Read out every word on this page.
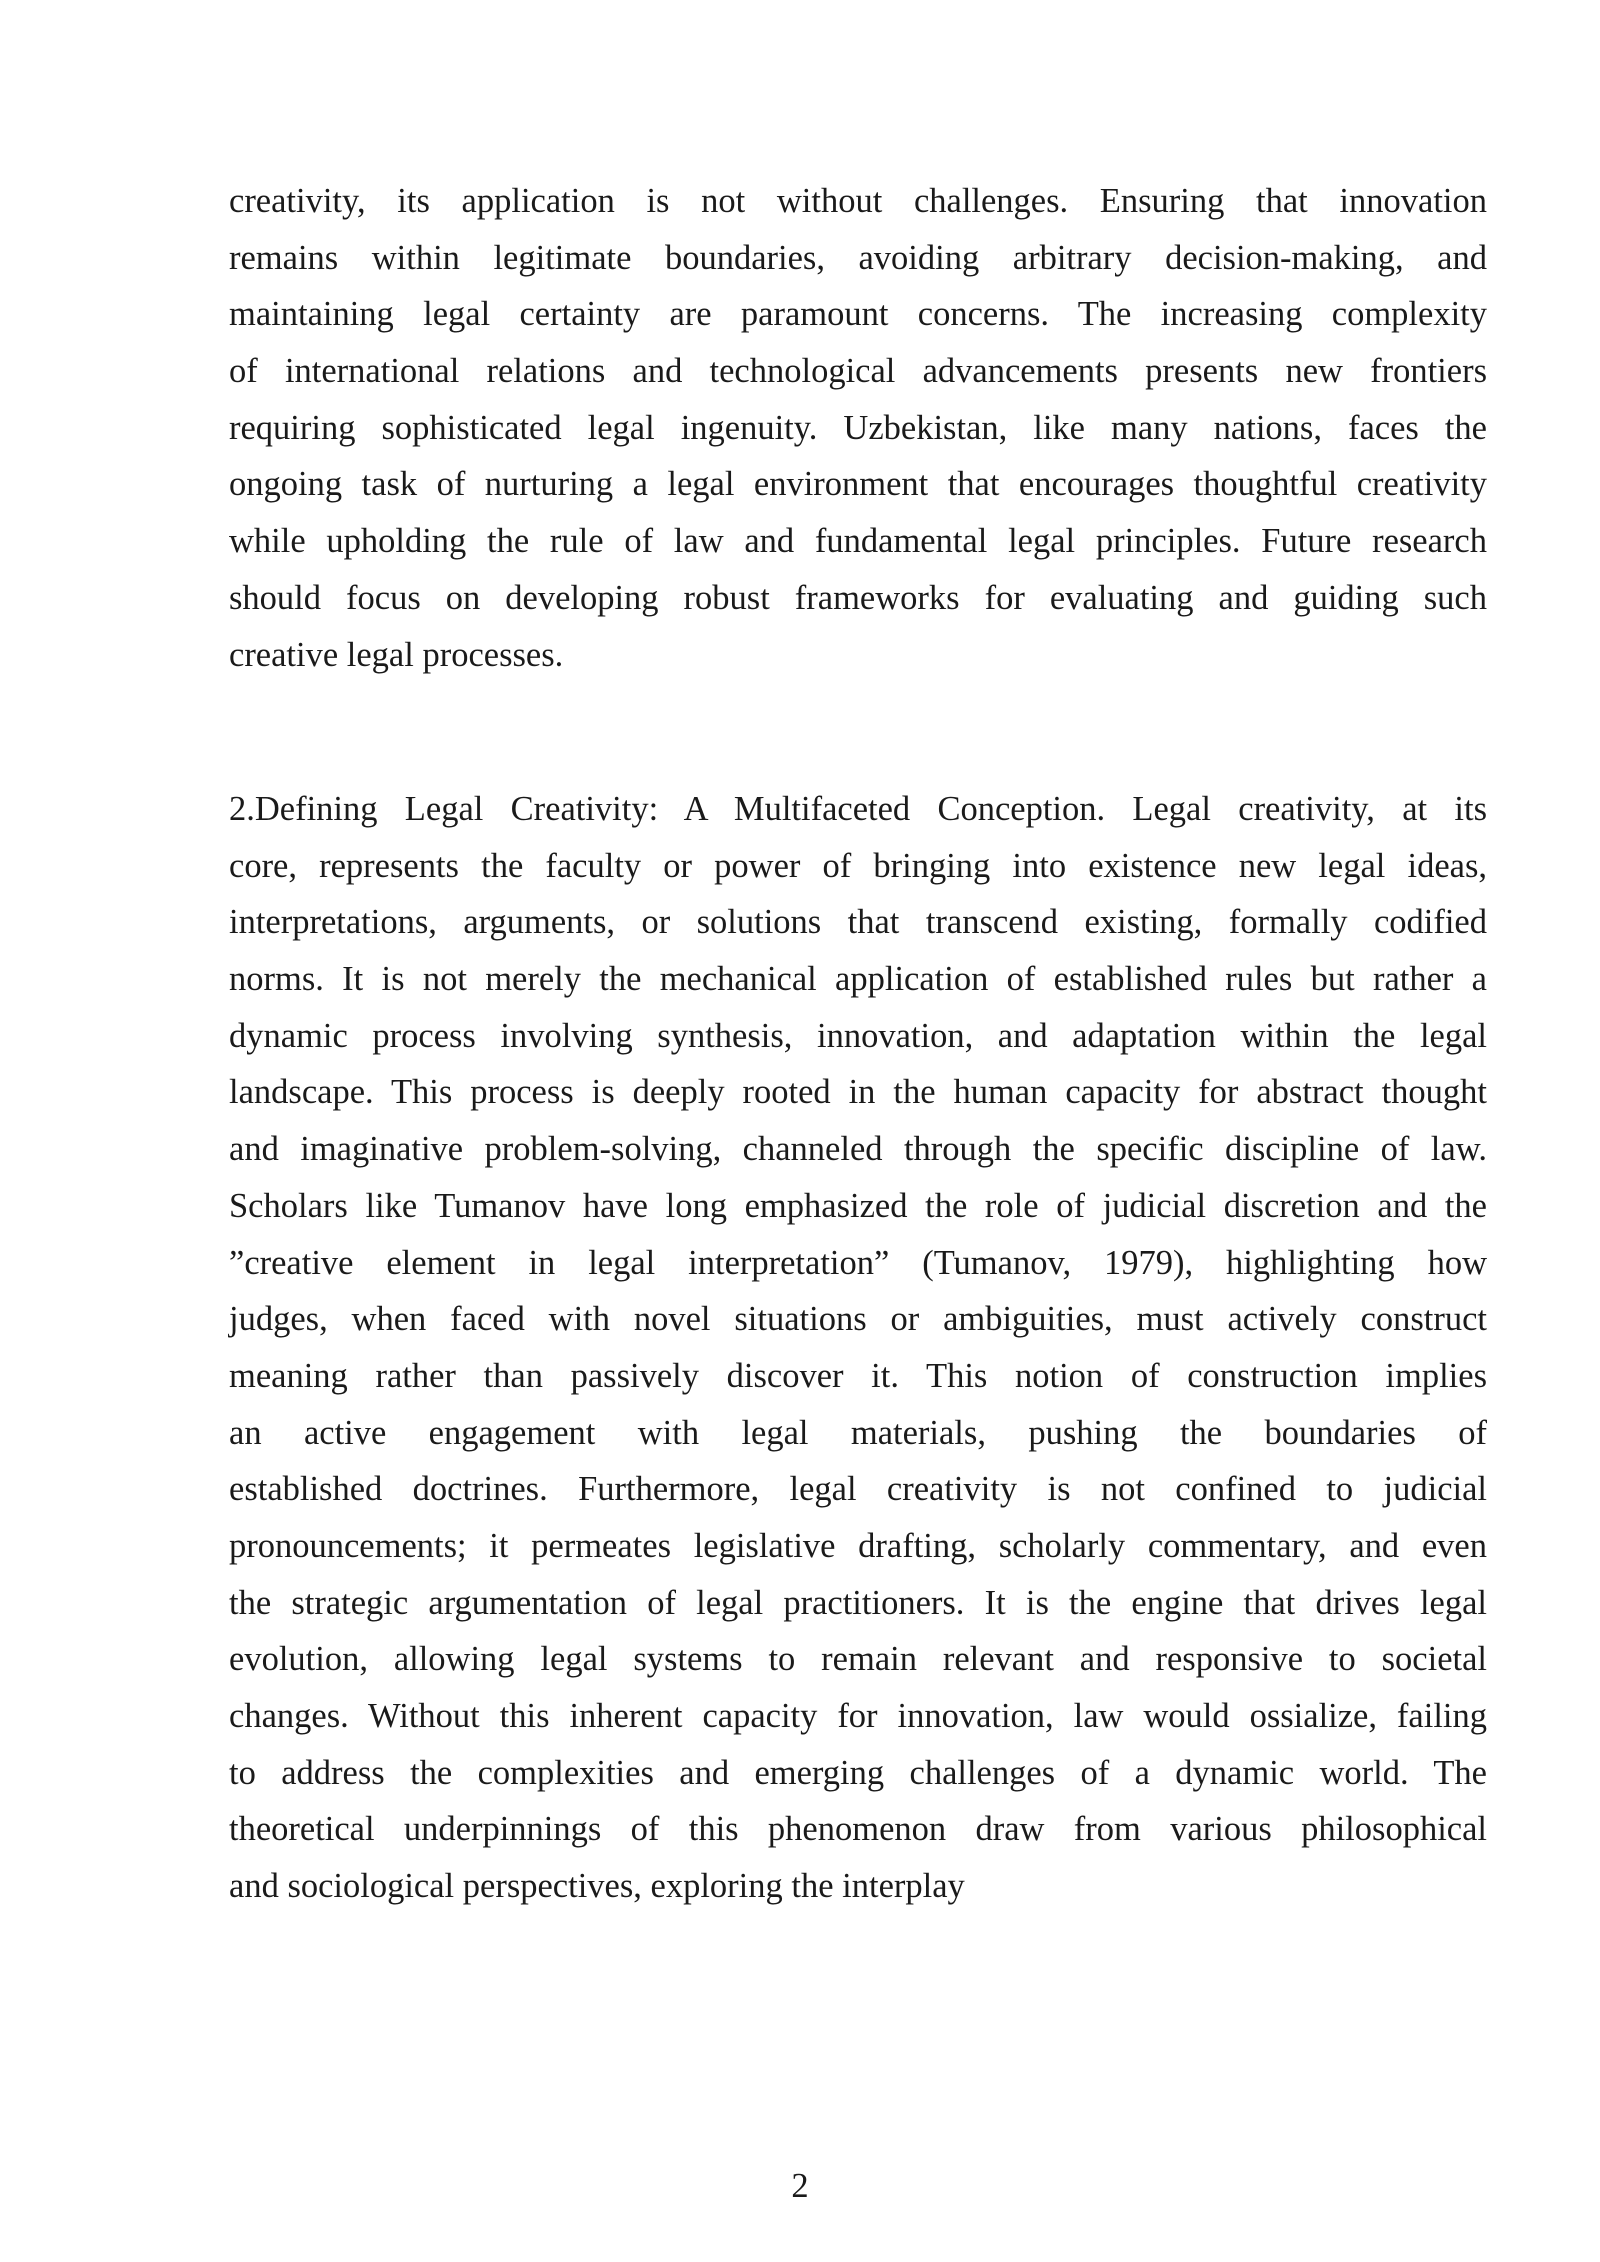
creativity, its application is not without challenges. Ensuring that innovation
remains within legitimate boundaries, avoiding arbitrary decision-making, and
maintaining legal certainty are paramount concerns. The increasing complexity
of international relations and technological advancements presents new frontiers
requiring sophisticated legal ingenuity. Uzbekistan, like many nations, faces the
ongoing task of nurturing a legal environment that encourages thoughtful creativity
while upholding the rule of law and fundamental legal principles. Future research
should focus on developing robust frameworks for evaluating and guiding such
creative legal processes.
2.Defining Legal Creativity: A Multifaceted Conception. Legal creativity, at its
core, represents the faculty or power of bringing into existence new legal ideas,
interpretations, arguments, or solutions that transcend existing, formally codified
norms. It is not merely the mechanical application of established rules but rather a
dynamic process involving synthesis, innovation, and adaptation within the legal
landscape. This process is deeply rooted in the human capacity for abstract thought
and imaginative problem-solving, channeled through the specific discipline of law.
Scholars like Tumanov have long emphasized the role of judicial discretion and the
”creative element in legal interpretation” (Tumanov, 1979), highlighting how
judges, when faced with novel situations or ambiguities, must actively construct
meaning rather than passively discover it. This notion of construction implies
an active engagement with legal materials, pushing the boundaries of
established doctrines. Furthermore, legal creativity is not confined to judicial
pronouncements; it permeates legislative drafting, scholarly commentary, and even
the strategic argumentation of legal practitioners. It is the engine that drives legal
evolution, allowing legal systems to remain relevant and responsive to societal
changes. Without this inherent capacity for innovation, law would ossialize, failing
to address the complexities and emerging challenges of a dynamic world. The
theoretical underpinnings of this phenomenon draw from various philosophical
and sociological perspectives, exploring the interplay
2
